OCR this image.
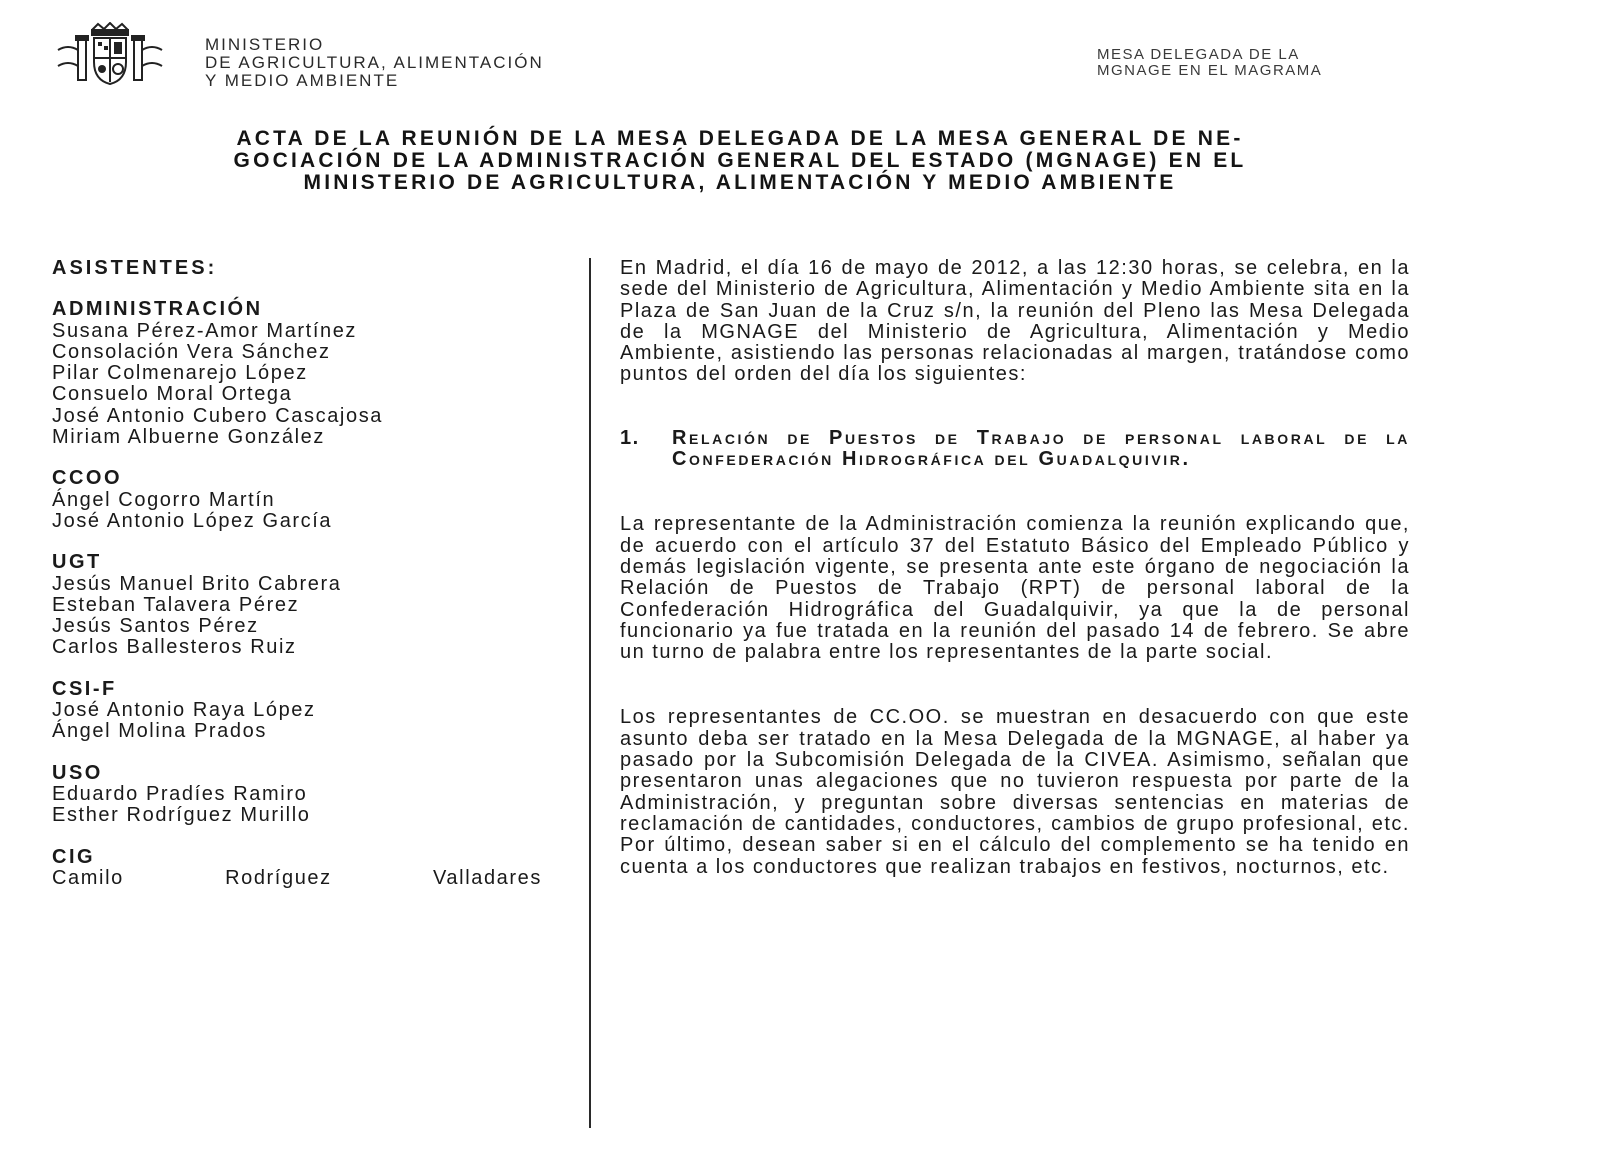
MINISTERIO
DE AGRICULTURA, ALIMENTACIÓN
Y MEDIO AMBIENTE
MESA DELEGADA DE LA
MGNAGE EN EL MAGRAMA
ACTA DE LA REUNIÓN DE LA MESA DELEGADA DE LA MESA GENERAL DE NE-
GOCIACIÓN DE LA ADMINISTRACIÓN GENERAL DEL ESTADO (MGNAGE) EN EL
MINISTERIO DE AGRICULTURA, ALIMENTACIÓN Y MEDIO AMBIENTE
ASISTENTES:
ADMINISTRACIÓN
Susana Pérez-Amor Martínez
Consolación Vera Sánchez
Pilar Colmenarejo López
Consuelo Moral Ortega
José Antonio Cubero Cascajosa
Miriam Albuerne González
CCOO
Ángel Cogorro Martín
José Antonio López García
UGT
Jesús Manuel Brito Cabrera
Esteban Talavera Pérez
Jesús Santos Pérez
Carlos Ballesteros Ruiz
CSI-F
José Antonio Raya López
Ángel Molina Prados
USO
Eduardo Pradíes Ramiro
Esther Rodríguez Murillo
CIG
Camilo	Rodríguez	Valladares

En Madrid, el día 16 de mayo de 2012, a las 12:30 horas, se celebra, en la sede del Ministerio de Agricultura, Alimentación y Medio Ambiente sita en la Plaza de San Juan de la Cruz s/n, la reunión del Pleno las Mesa Delegada de la MGNAGE del Ministerio de Agricultura, Alimentación y Medio Ambiente, asistiendo las personas relacionadas al margen, tratándose como puntos del orden del día los siguientes:

1.	Relación de Puestos de Trabajo de personal laboral de la Confederación Hidrográfica del Guadalquivir.

La representante de la Administración comienza la reunión explicando que, de acuerdo con el artículo 37 del Estatuto Básico del Empleado Público y demás legislación vigente, se presenta ante este órgano de negociación la Relación de Puestos de Trabajo (RPT) de personal laboral de la Confederación Hidrográfica del Guadalquivir, ya que la de personal funcionario ya fue tratada en la reunión del pasado 14 de febrero. Se abre un turno de palabra entre los representantes de la parte social.

Los representantes de CC.OO. se muestran en desacuerdo con que este asunto deba ser tratado en la Mesa Delegada de la MGNAGE, al haber ya pasado por la Subcomisión Delegada de la CIVEA. Asimismo, señalan que presentaron unas alegaciones que no tuvieron respuesta por parte de la Administración, y preguntan sobre diversas sentencias en materias de reclamación de cantidades, conductores, cambios de grupo profesional, etc. Por último, desean saber si en el cálculo del complemento se ha tenido en cuenta a los conductores que realizan trabajos en festivos, nocturnos, etc.
